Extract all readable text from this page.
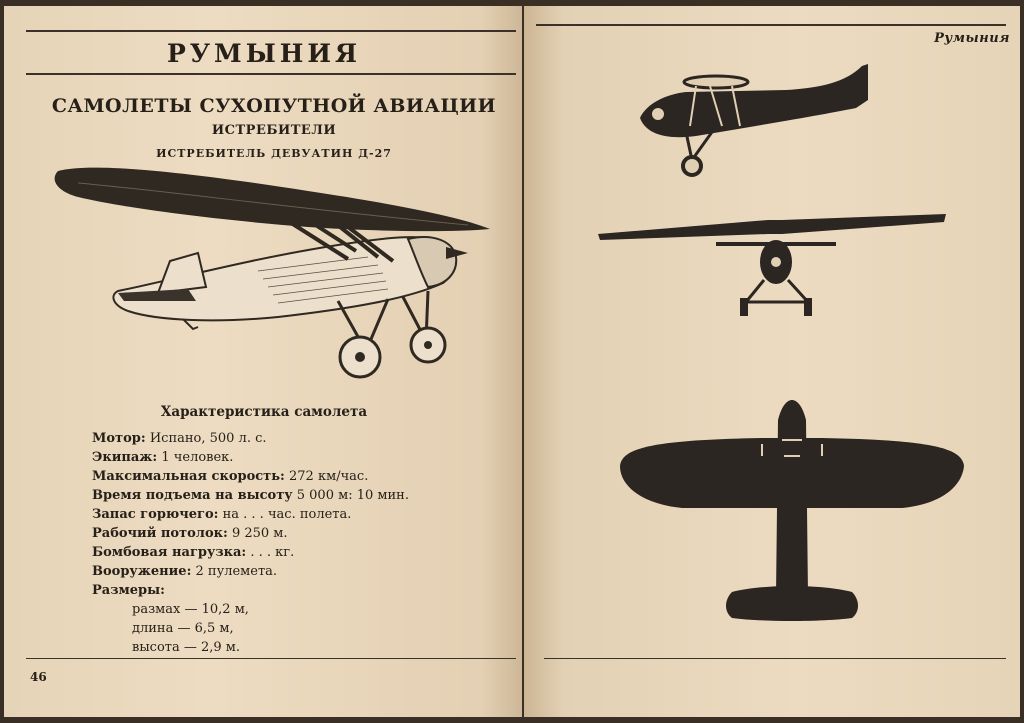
РУМЫНИЯ
САМОЛЕТЫ СУХОПУТНОЙ АВИАЦИИ
ИСТРЕБИТЕЛИ
ИСТРЕБИТЕЛЬ ДЕВУАТИН Д-27
Характеристика самолета
Мотор: Испано, 500 л. с.
Экипаж: 1 человек.
Максимальная скорость: 272 км/час.
Время подъема на высоту 5 000 м: 10 мин.
Запас горючего: на . . . час. полета.
Рабочий потолок: 9 250 м.
Бомбовая нагрузка: . . . кг.
Вооружение: 2 пулемета.
Размеры:
размах — 10,2 м,
длина — 6,5 м,
высота — 2,9 м.
46
Румыния
